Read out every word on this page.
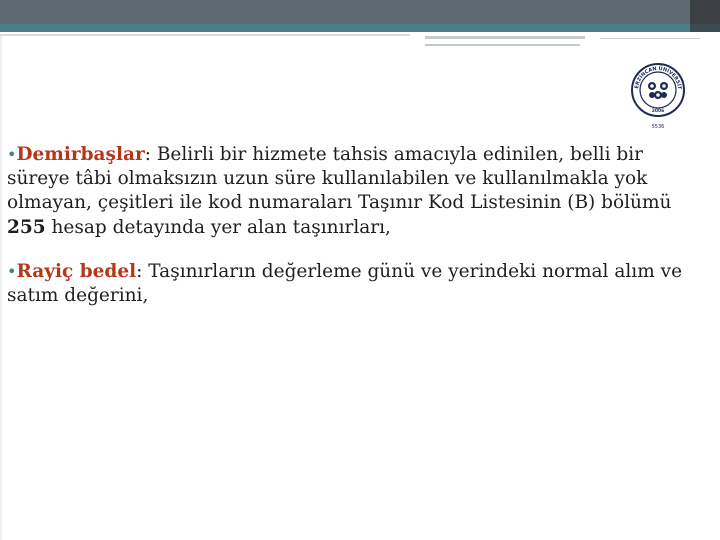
ERZİNCAN ÜNİVERSİT
2006
5536

•Demirbaşlar: Belirli bir hizmete tahsis amacıyla edinilen, belli bir süreye tâbi olmaksızın uzun süre kullanılabilen ve kullanılmakla yok olmayan, çeşitleri ile kod numaraları Taşınır Kod Listesinin (B) bölümü 255 hesap detayında yer alan taşınırları,

•Rayiç bedel: Taşınırların değerleme günü ve yerindeki normal alım ve satım değerini,
